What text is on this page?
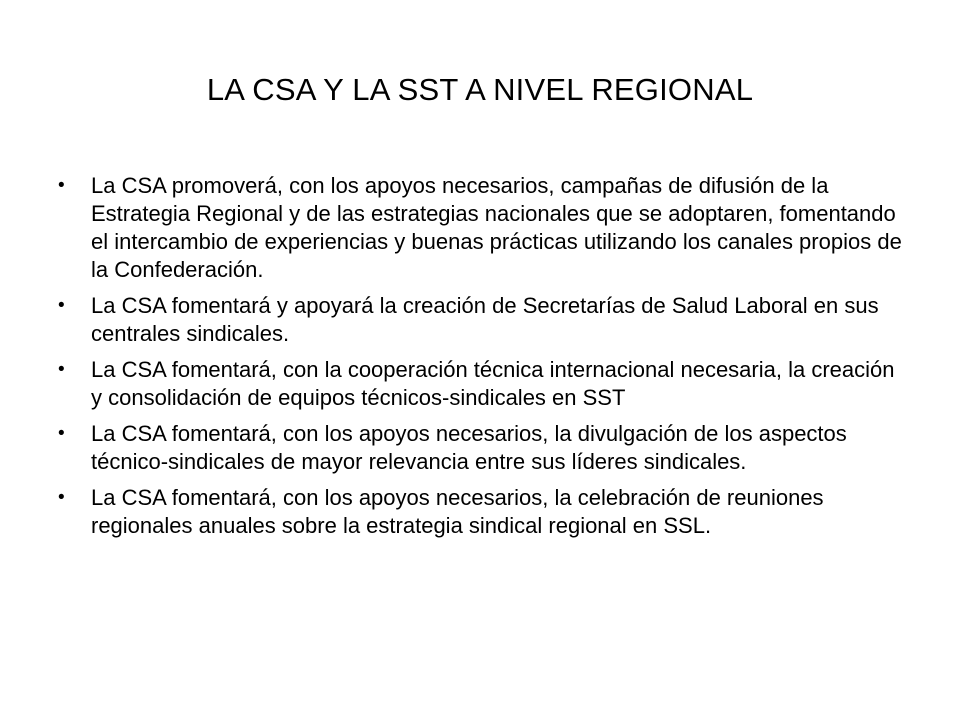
LA CSA Y LA SST A NIVEL REGIONAL
•	La CSA promoverá, con los apoyos necesarios, campañas de difusión de la Estrategia Regional y de las estrategias nacionales que se adoptaren, fomentando el intercambio de experiencias y buenas prácticas utilizando los canales propios de la Confederación.
•	La CSA fomentará y apoyará la creación de Secretarías de Salud Laboral en sus centrales sindicales.
•	La CSA fomentará, con la cooperación técnica internacional necesaria, la creación y consolidación de equipos técnicos-sindicales en SST
•	La CSA fomentará, con los apoyos necesarios, la divulgación de los aspectos técnico-sindicales de mayor relevancia entre sus líderes sindicales.
•	La CSA fomentará, con los apoyos necesarios, la celebración de reuniones regionales anuales sobre la estrategia sindical regional en SSL.
